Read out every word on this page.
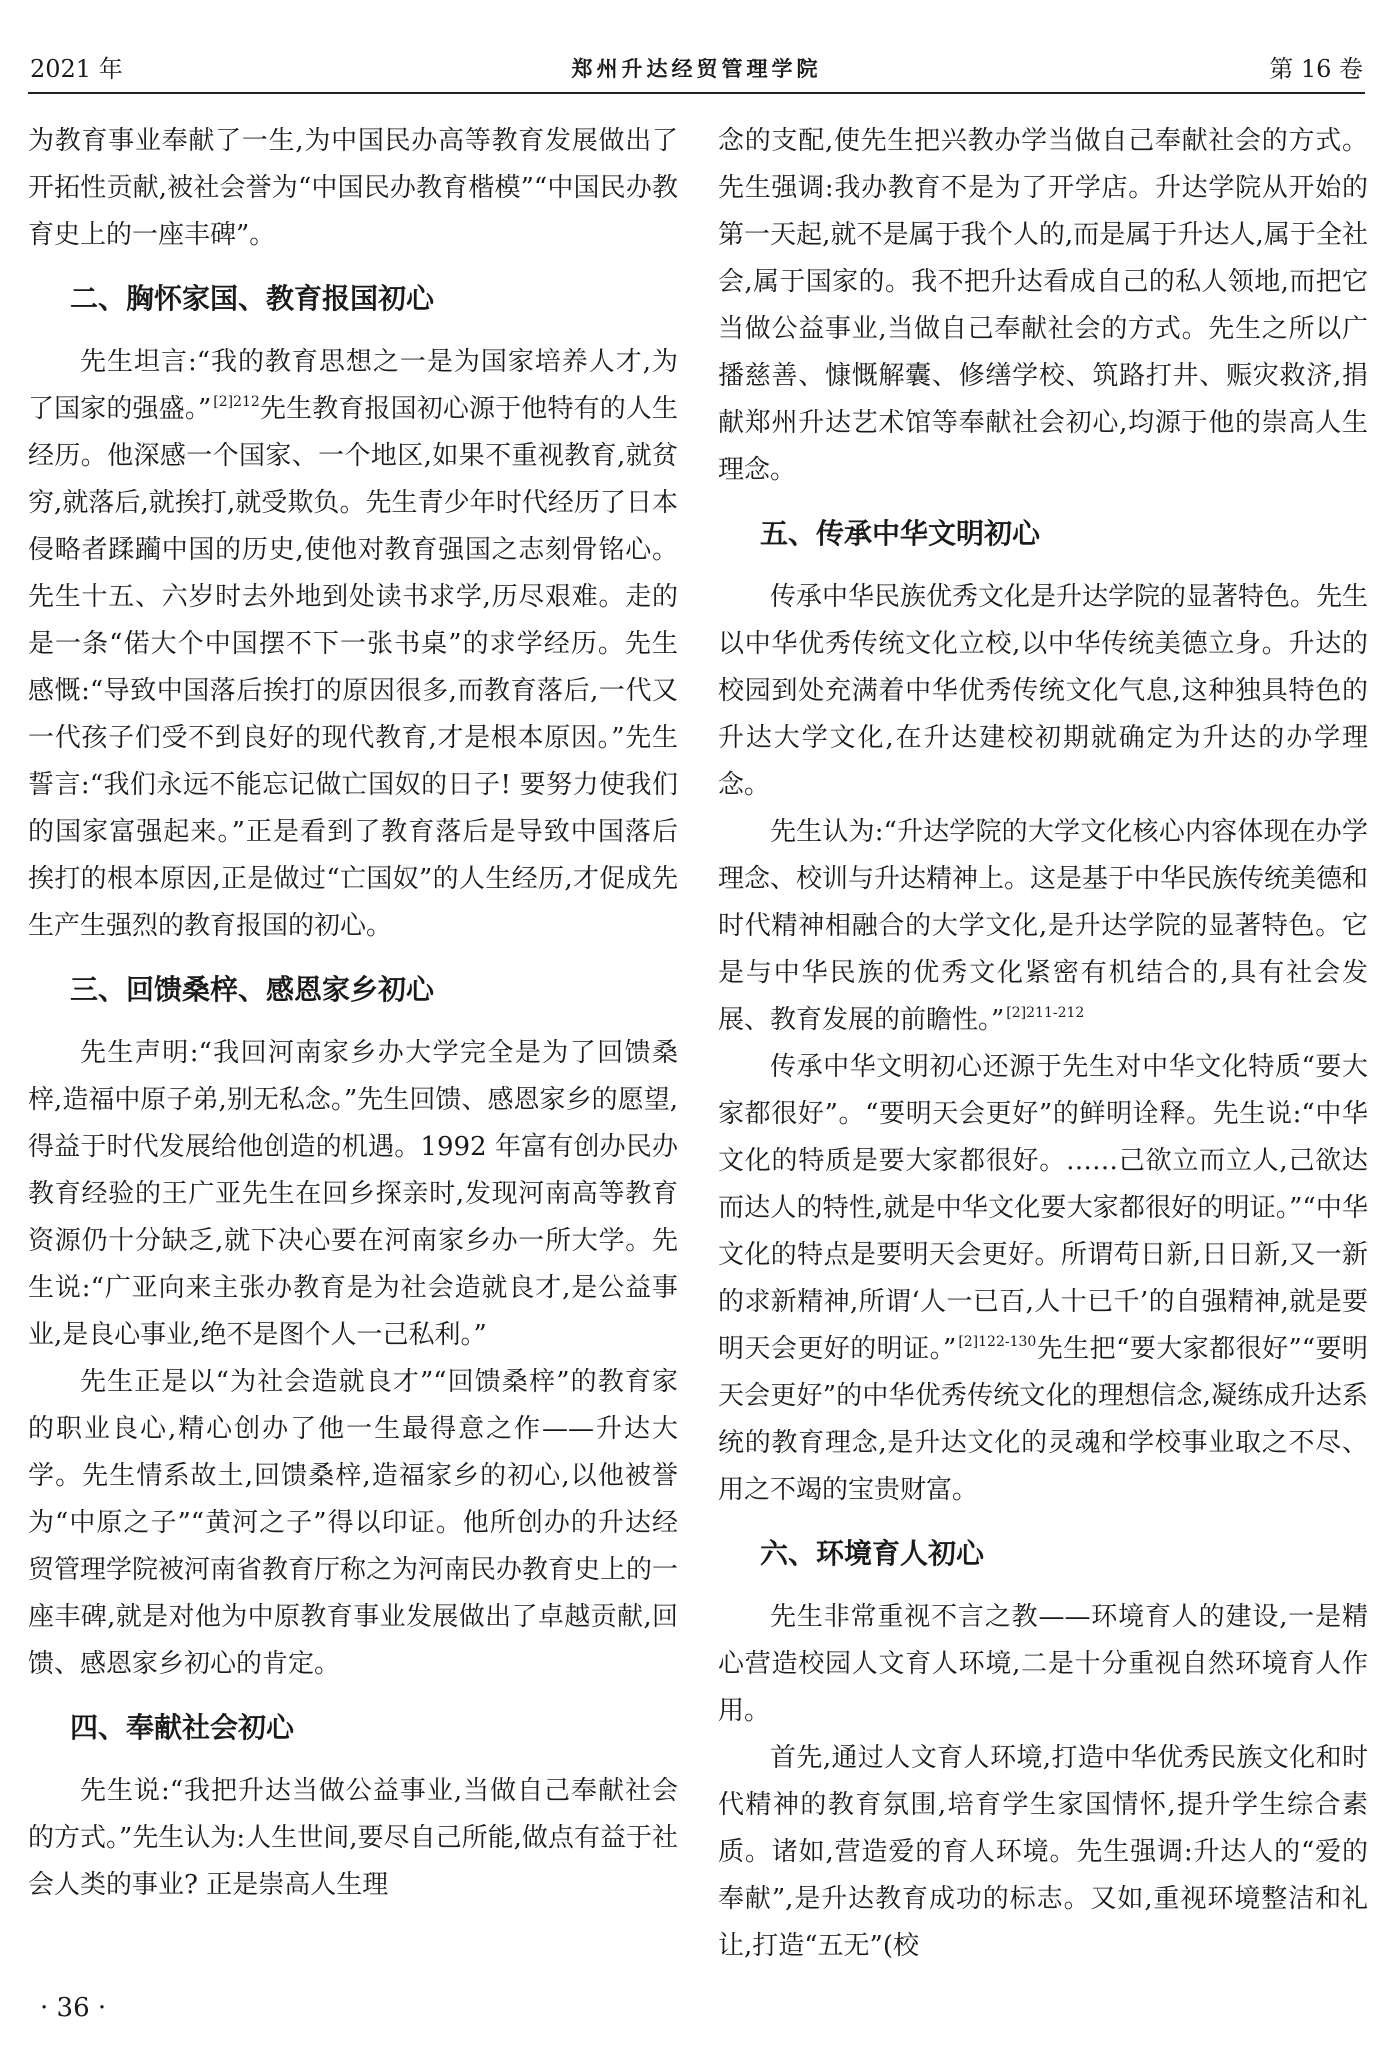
2021 年	郑州升达经贸管理学院	第 16 卷

为教育事业奉献了一生,为中国民办高等教育发展做出了开拓性贡献,被社会誉为“中国民办教育楷模”“中国民办教育史上的一座丰碑”。

二、胸怀家国、教育报国初心

先生坦言:“我的教育思想之一是为国家培养人才,为了国家的强盛。” $^{[2]212}$先生教育报国初心源于他特有的人生经历。他深感一个国家、一个地区,如果不重视教育,就贫穷,就落后,就挨打,就受欺负。先生青少年时代经历了日本侵略者蹂躏中国的历史,使他对教育强国之志刻骨铭心。先生十五、六岁时去外地到处读书求学,历尽艰难。走的是一条“偌大个中国摆不下一张书桌”的求学经历。先生感慨:“导致中国落后挨打的原因很多,而教育落后,一代又一代孩子们受不到良好的现代教育,才是根本原因。”先生誓言:“我们永远不能忘记做亡国奴的日子! 要努力使我们的国家富强起来。”正是看到了教育落后是导致中国落后挨打的根本原因,正是做过“亡国奴”的人生经历,才促成先生产生强烈的教育报国的初心。

三、回馈桑梓、感恩家乡初心

先生声明:“我回河南家乡办大学完全是为了回馈桑梓,造福中原子弟,别无私念。”先生回馈、感恩家乡的愿望,得益于时代发展给他创造的机遇。1992 年富有创办民办教育经验的王广亚先生在回乡探亲时,发现河南高等教育资源仍十分缺乏,就下决心要在河南家乡办一所大学。先生说:“广亚向来主张办教育是为社会造就良才,是公益事业,是良心事业,绝不是图个人一己私利。”

先生正是以“为社会造就良才”“回馈桑梓”的教育家的职业良心,精心创办了他一生最得意之作——升达大学。先生情系故土,回馈桑梓,造福家乡的初心,以他被誉为“中原之子”“黄河之子”得以印证。他所创办的升达经贸管理学院被河南省教育厅称之为河南民办教育史上的一座丰碑,就是对他为中原教育事业发展做出了卓越贡献,回馈、感恩家乡初心的肯定。

四、奉献社会初心

先生说:“我把升达当做公益事业,当做自己奉献社会的方式。”先生认为:人生世间,要尽自己所能,做点有益于社会人类的事业? 正是崇高人生理

念的支配,使先生把兴教办学当做自己奉献社会的方式。先生强调:我办教育不是为了开学店。升达学院从开始的第一天起,就不是属于我个人的,而是属于升达人,属于全社会,属于国家的。我不把升达看成自己的私人领地,而把它当做公益事业,当做自己奉献社会的方式。先生之所以广播慈善、慷慨解囊、修缮学校、筑路打井、赈灾救济,捐献郑州升达艺术馆等奉献社会初心,均源于他的崇高人生理念。

五、传承中华文明初心

传承中华民族优秀文化是升达学院的显著特色。先生以中华优秀传统文化立校,以中华传统美德立身。升达的校园到处充满着中华优秀传统文化气息,这种独具特色的升达大学文化,在升达建校初期就确定为升达的办学理念。

先生认为:“升达学院的大学文化核心内容体现在办学理念、校训与升达精神上。这是基于中华民族传统美德和时代精神相融合的大学文化,是升达学院的显著特色。它是与中华民族的优秀文化紧密有机结合的,具有社会发展、教育发展的前瞻性。” $^{[2]211-212}$

传承中华文明初心还源于先生对中华文化特质“要大家都很好”。“要明天会更好”的鲜明诠释。先生说:“中华文化的特质是要大家都很好。……己欲立而立人,己欲达而达人的特性,就是中华文化要大家都很好的明证。”“中华文化的特点是要明天会更好。所谓苟日新,日日新,又一新的求新精神,所谓‘人一已百,人十已千’的自强精神,就是要明天会更好的明证。” $^{[2]122-130}$先生把“要大家都很好”“要明天会更好”的中华优秀传统文化的理想信念,凝练成升达系统的教育理念,是升达文化的灵魂和学校事业取之不尽、用之不竭的宝贵财富。

六、环境育人初心

先生非常重视不言之教——环境育人的建设,一是精心营造校园人文育人环境,二是十分重视自然环境育人作用。

首先,通过人文育人环境,打造中华优秀民族文化和时代精神的教育氛围,培育学生家国情怀,提升学生综合素质。诸如,营造爱的育人环境。先生强调:升达人的“爱的奉献”,是升达教育成功的标志。又如,重视环境整洁和礼让,打造“五无”(校

· 36 ·
